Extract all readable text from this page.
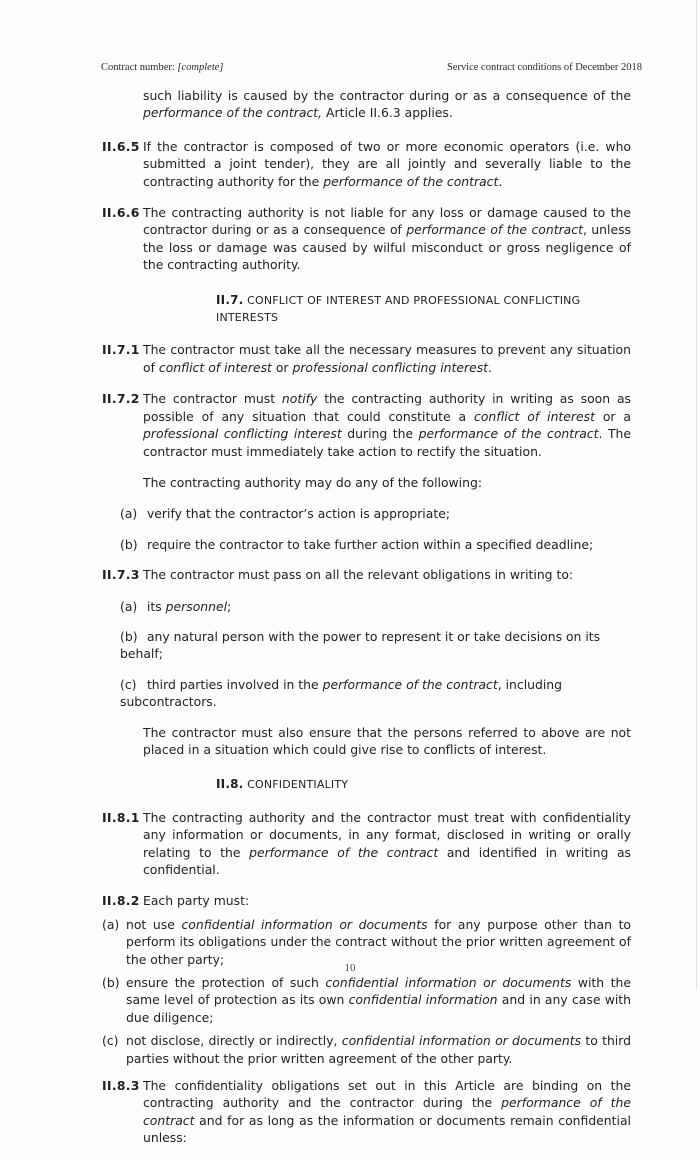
Contract number: [complete]	Service contract conditions of December 2018

such liability is caused by the contractor during or as a consequence of the performance of the contract, Article II.6.3 applies.

II.6.5 If the contractor is composed of two or more economic operators (i.e. who submitted a joint tender), they are all jointly and severally liable to the contracting authority for the performance of the contract.

II.6.6 The contracting authority is not liable for any loss or damage caused to the contractor during or as a consequence of performance of the contract, unless the loss or damage was caused by wilful misconduct or gross negligence of the contracting authority.

II.7. CONFLICT OF INTEREST AND PROFESSIONAL CONFLICTING INTERESTS
II.7.1 The contractor must take all the necessary measures to prevent any situation of conflict of interest or professional conflicting interest.

II.7.2 The contractor must notify the contracting authority in writing as soon as possible of any situation that could constitute a conflict of interest or a professional conflicting interest during the performance of the contract. The contractor must immediately take action to rectify the situation.

The contracting authority may do any of the following:

(a) verify that the contractor’s action is appropriate;
(b) require the contractor to take further action within a specified deadline;
II.7.3 The contractor must pass on all the relevant obligations in writing to:

(a) its personnel;
(b) any natural person with the power to represent it or take decisions on its behalf;
(c) third parties involved in the performance of the contract, including subcontractors.

The contractor must also ensure that the persons referred to above are not placed in a situation which could give rise to conflicts of interest.

II.8. CONFIDENTIALITY
II.8.1 The contracting authority and the contractor must treat with confidentiality any information or documents, in any format, disclosed in writing or orally relating to the performance of the contract and identified in writing as confidential.

II.8.2 Each party must:

(a) not use confidential information or documents for any purpose other than to perform its obligations under the contract without the prior written agreement of the other party;

(b) ensure the protection of such confidential information or documents with the same level of protection as its own confidential information and in any case with due diligence;

(c) not disclose, directly or indirectly, confidential information or documents to third parties without the prior written agreement of the other party.

II.8.3 The confidentiality obligations set out in this Article are binding on the contracting authority and the contractor during the performance of the contract and for as long as the information or documents remain confidential unless:

10
